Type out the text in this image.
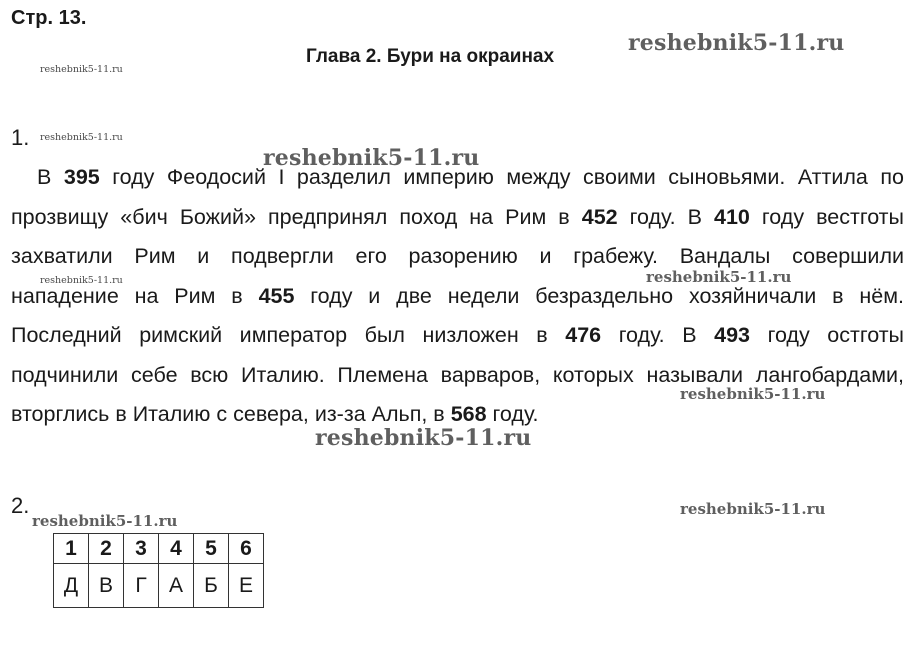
Стр. 13.
Глава 2. Бури на окраинах
reshebnik5-11.ru
reshebnik5-11.ru
reshebnik5-11.ru
reshebnik5-11.ru
reshebnik5-11.ru	reshebnik5-11.ru
reshebnik5-11.ru
reshebnik5-11.ru
reshebnik5-11.ru
reshebnik5-11.ru
1.

В 395 году Феодосий I разделил империю между своими сыновьями. Аттила по

прозвищу «бич Божий» предпринял поход на Рим в 452 году. В 410 году вестготы

захватили Рим и подвергли его разорению и грабежу. Вандалы совершили

нападение на Рим в 455 году и две недели безраздельно хозяйничали в нём.

Последний римский император был низложен в 476 году. В 493 году остготы

подчинили себе всю Италию. Племена варваров, которых называли лангобардами,

вторглись в Италию с севера, из-за Альп, в 568 году.

2.
1	2	3	4	5	6
Д	В	Г	А	Б	Е
